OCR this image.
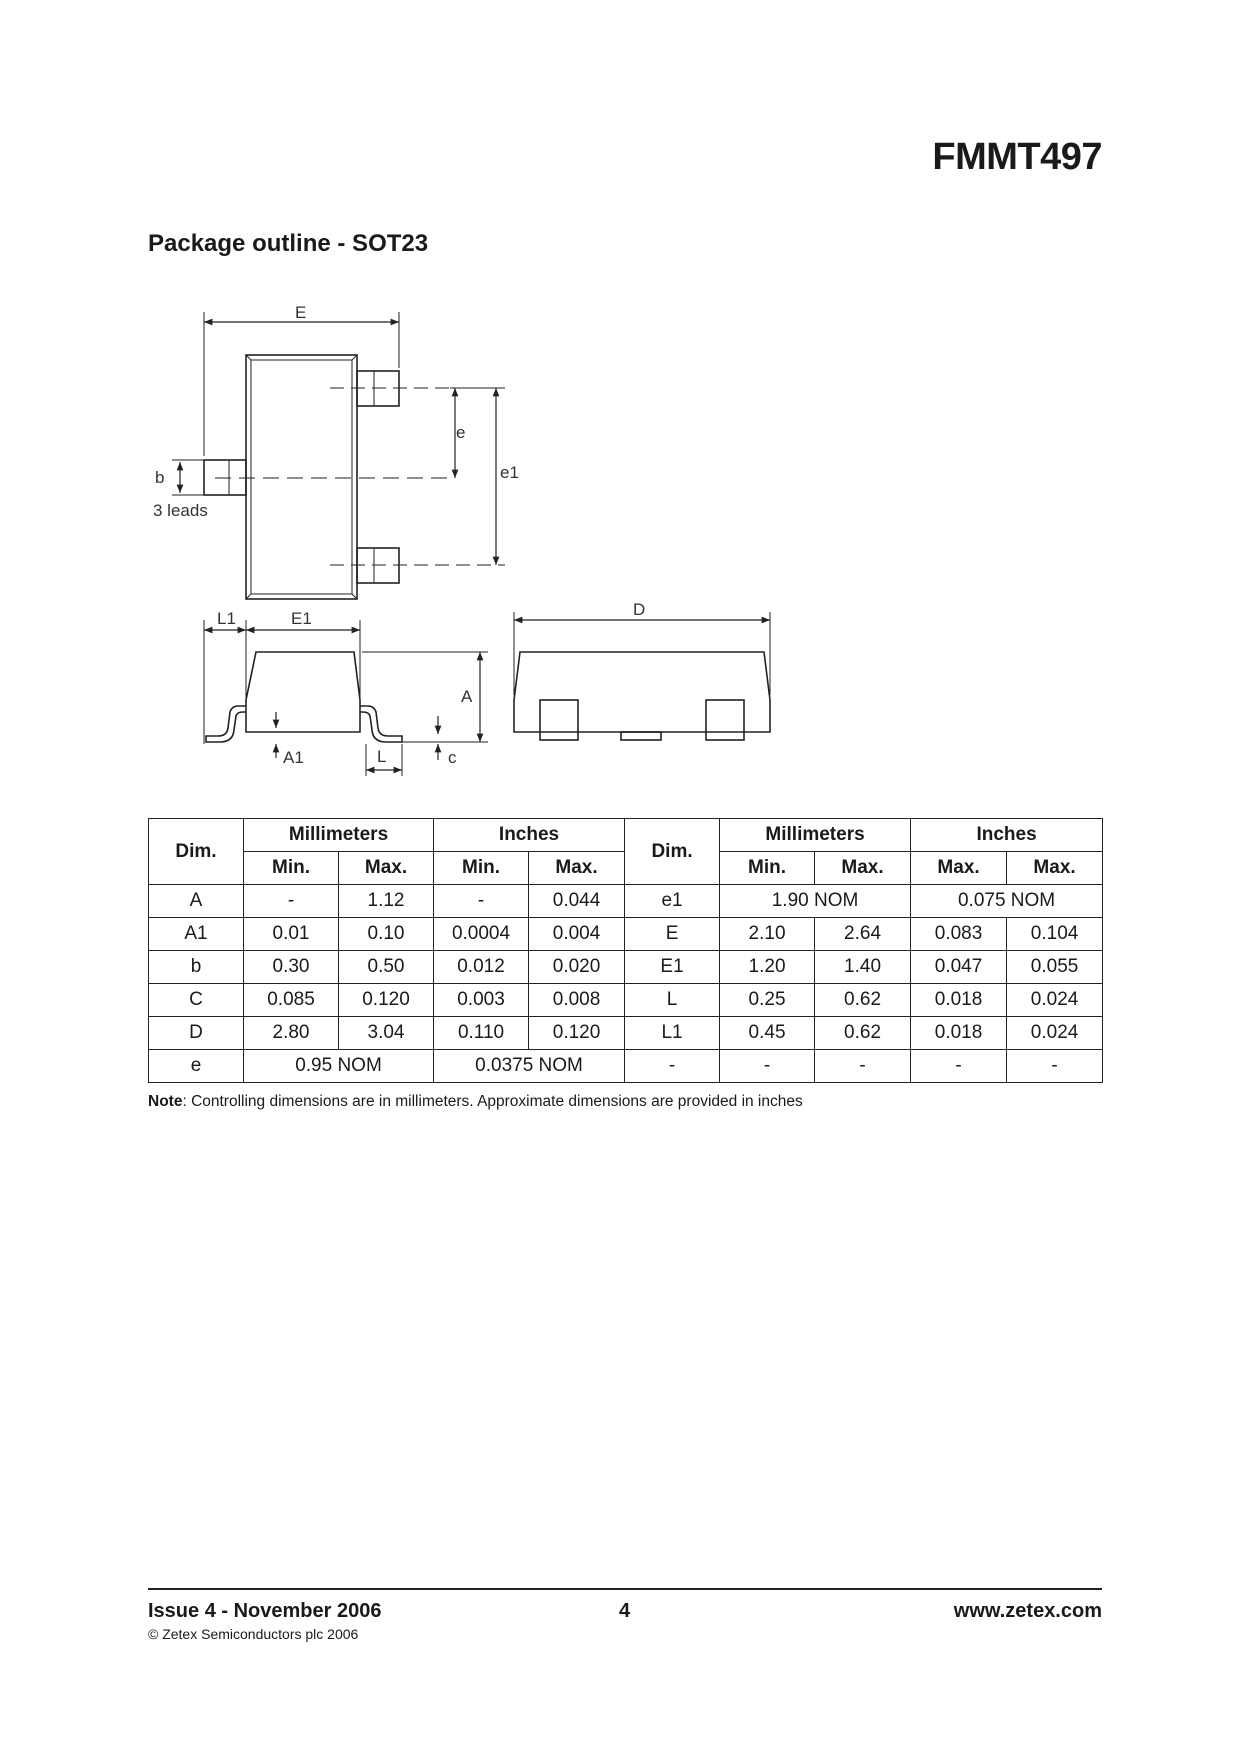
FMMT497
Package outline - SOT23
E
e
e1
b
3 leads
L1	E1	D
A
A1	L	c
Dim.	Millimeters		Inches		Dim.	Millimeters		Inches	
	Min.	Max.	Min.	Max.		Min.	Max.	Max.	Max.
A	-	1.12	-	0.044	e1	1.90 NOM		0.075 NOM	
A1	0.01	0.10	0.0004	0.004	E	2.10	2.64	0.083	0.104
b	0.30	0.50	0.012	0.020	E1	1.20	1.40	0.047	0.055
C	0.085	0.120	0.003	0.008	L	0.25	0.62	0.018	0.024
D	2.80	3.04	0.110	0.120	L1	0.45	0.62	0.018	0.024
e	0.95 NOM		0.0375 NOM		-	-	-	-	-
Note: Controlling dimensions are in millimeters. Approximate dimensions are provided in inches
Issue 4 - November 2006	4	www.zetex.com
© Zetex Semiconductors plc 2006
